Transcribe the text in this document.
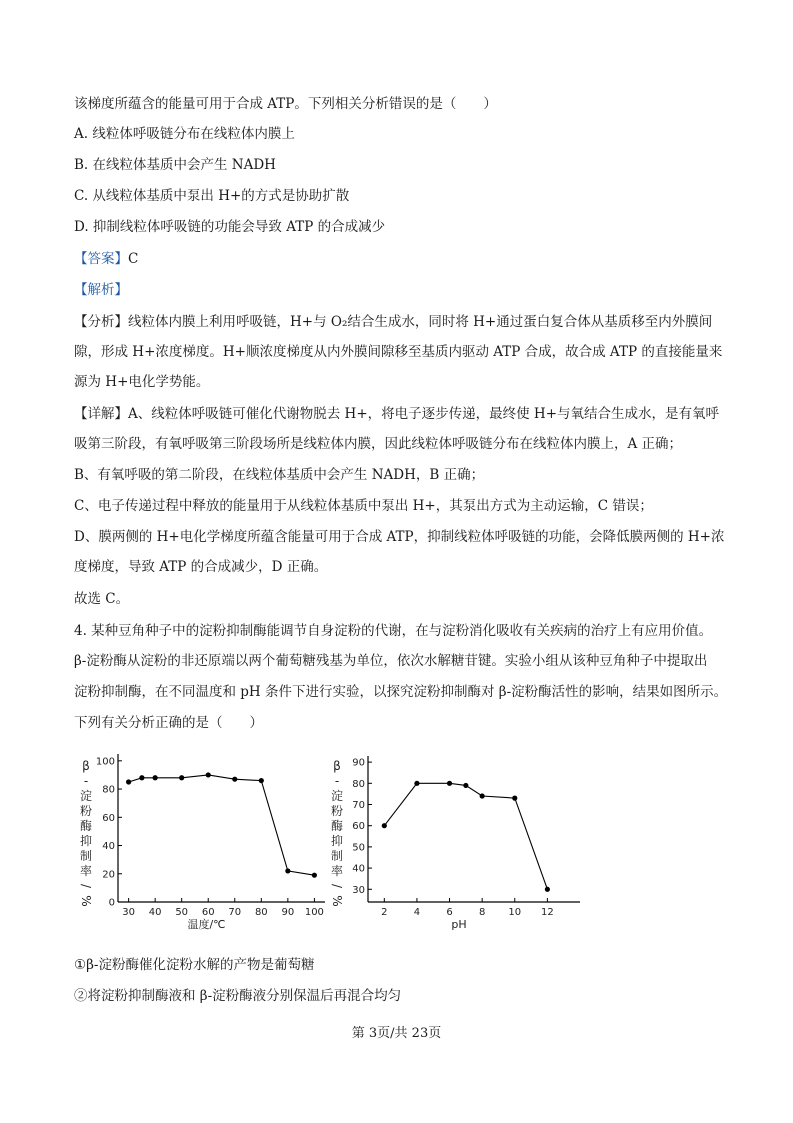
该梯度所蕴含的能量可用于合成 ATP。下列相关分析错误的是（　　）
A. 线粒体呼吸链分布在线粒体内膜上
B. 在线粒体基质中会产生 NADH
C. 从线粒体基质中泵出 H+的方式是协助扩散
D. 抑制线粒体呼吸链的功能会导致 ATP 的合成减少
【答案】C
【解析】
【分析】线粒体内膜上利用呼吸链，H+与 O₂结合生成水，同时将 H+通过蛋白复合体从基质移至内外膜间
隙，形成 H+浓度梯度。H+顺浓度梯度从内外膜间隙移至基质内驱动 ATP 合成，故合成 ATP 的直接能量来
源为 H+电化学势能。
【详解】A、线粒体呼吸链可催化代谢物脱去 H+，将电子逐步传递，最终使 H+与氧结合生成水，是有氧呼
吸第三阶段，有氧呼吸第三阶段场所是线粒体内膜，因此线粒体呼吸链分布在线粒体内膜上，A 正确；
B、有氧呼吸的第二阶段，在线粒体基质中会产生 NADH，B 正确；
C、电子传递过程中释放的能量用于从线粒体基质中泵出 H+，其泵出方式为主动运输，C 错误；
D、膜两侧的 H+电化学梯度所蕴含能量可用于合成 ATP，抑制线粒体呼吸链的功能，会降低膜两侧的 H+浓
度梯度，导致 ATP 的合成减少，D 正确。
故选 C。
4. 某种豆角种子中的淀粉抑制酶能调节自身淀粉的代谢，在与淀粉消化吸收有关疾病的治疗上有应用价值。
β-淀粉酶从淀粉的非还原端以两个葡萄糖残基为单位，依次水解糖苷键。实验小组从该种豆角种子中提取出
淀粉抑制酶，在不同温度和 pH 条件下进行实验，以探究淀粉抑制酶对 β-淀粉酶活性的影响，结果如图所示。
下列有关分析正确的是（　　）
0
20
40
60
80
100
30 40 50 60 70 80 90 100
温度/℃
β
-
淀
粉
酶
抑
制
率
/
%
30
40
50
60
70
80
90
2	4	6	8 10 12
pH
β
-
淀
粉
酶
抑
制
率
/
%
①β-淀粉酶催化淀粉水解的产物是葡萄糖
②将淀粉抑制酶液和 β-淀粉酶液分别保温后再混合均匀
第 3页/共 23页
